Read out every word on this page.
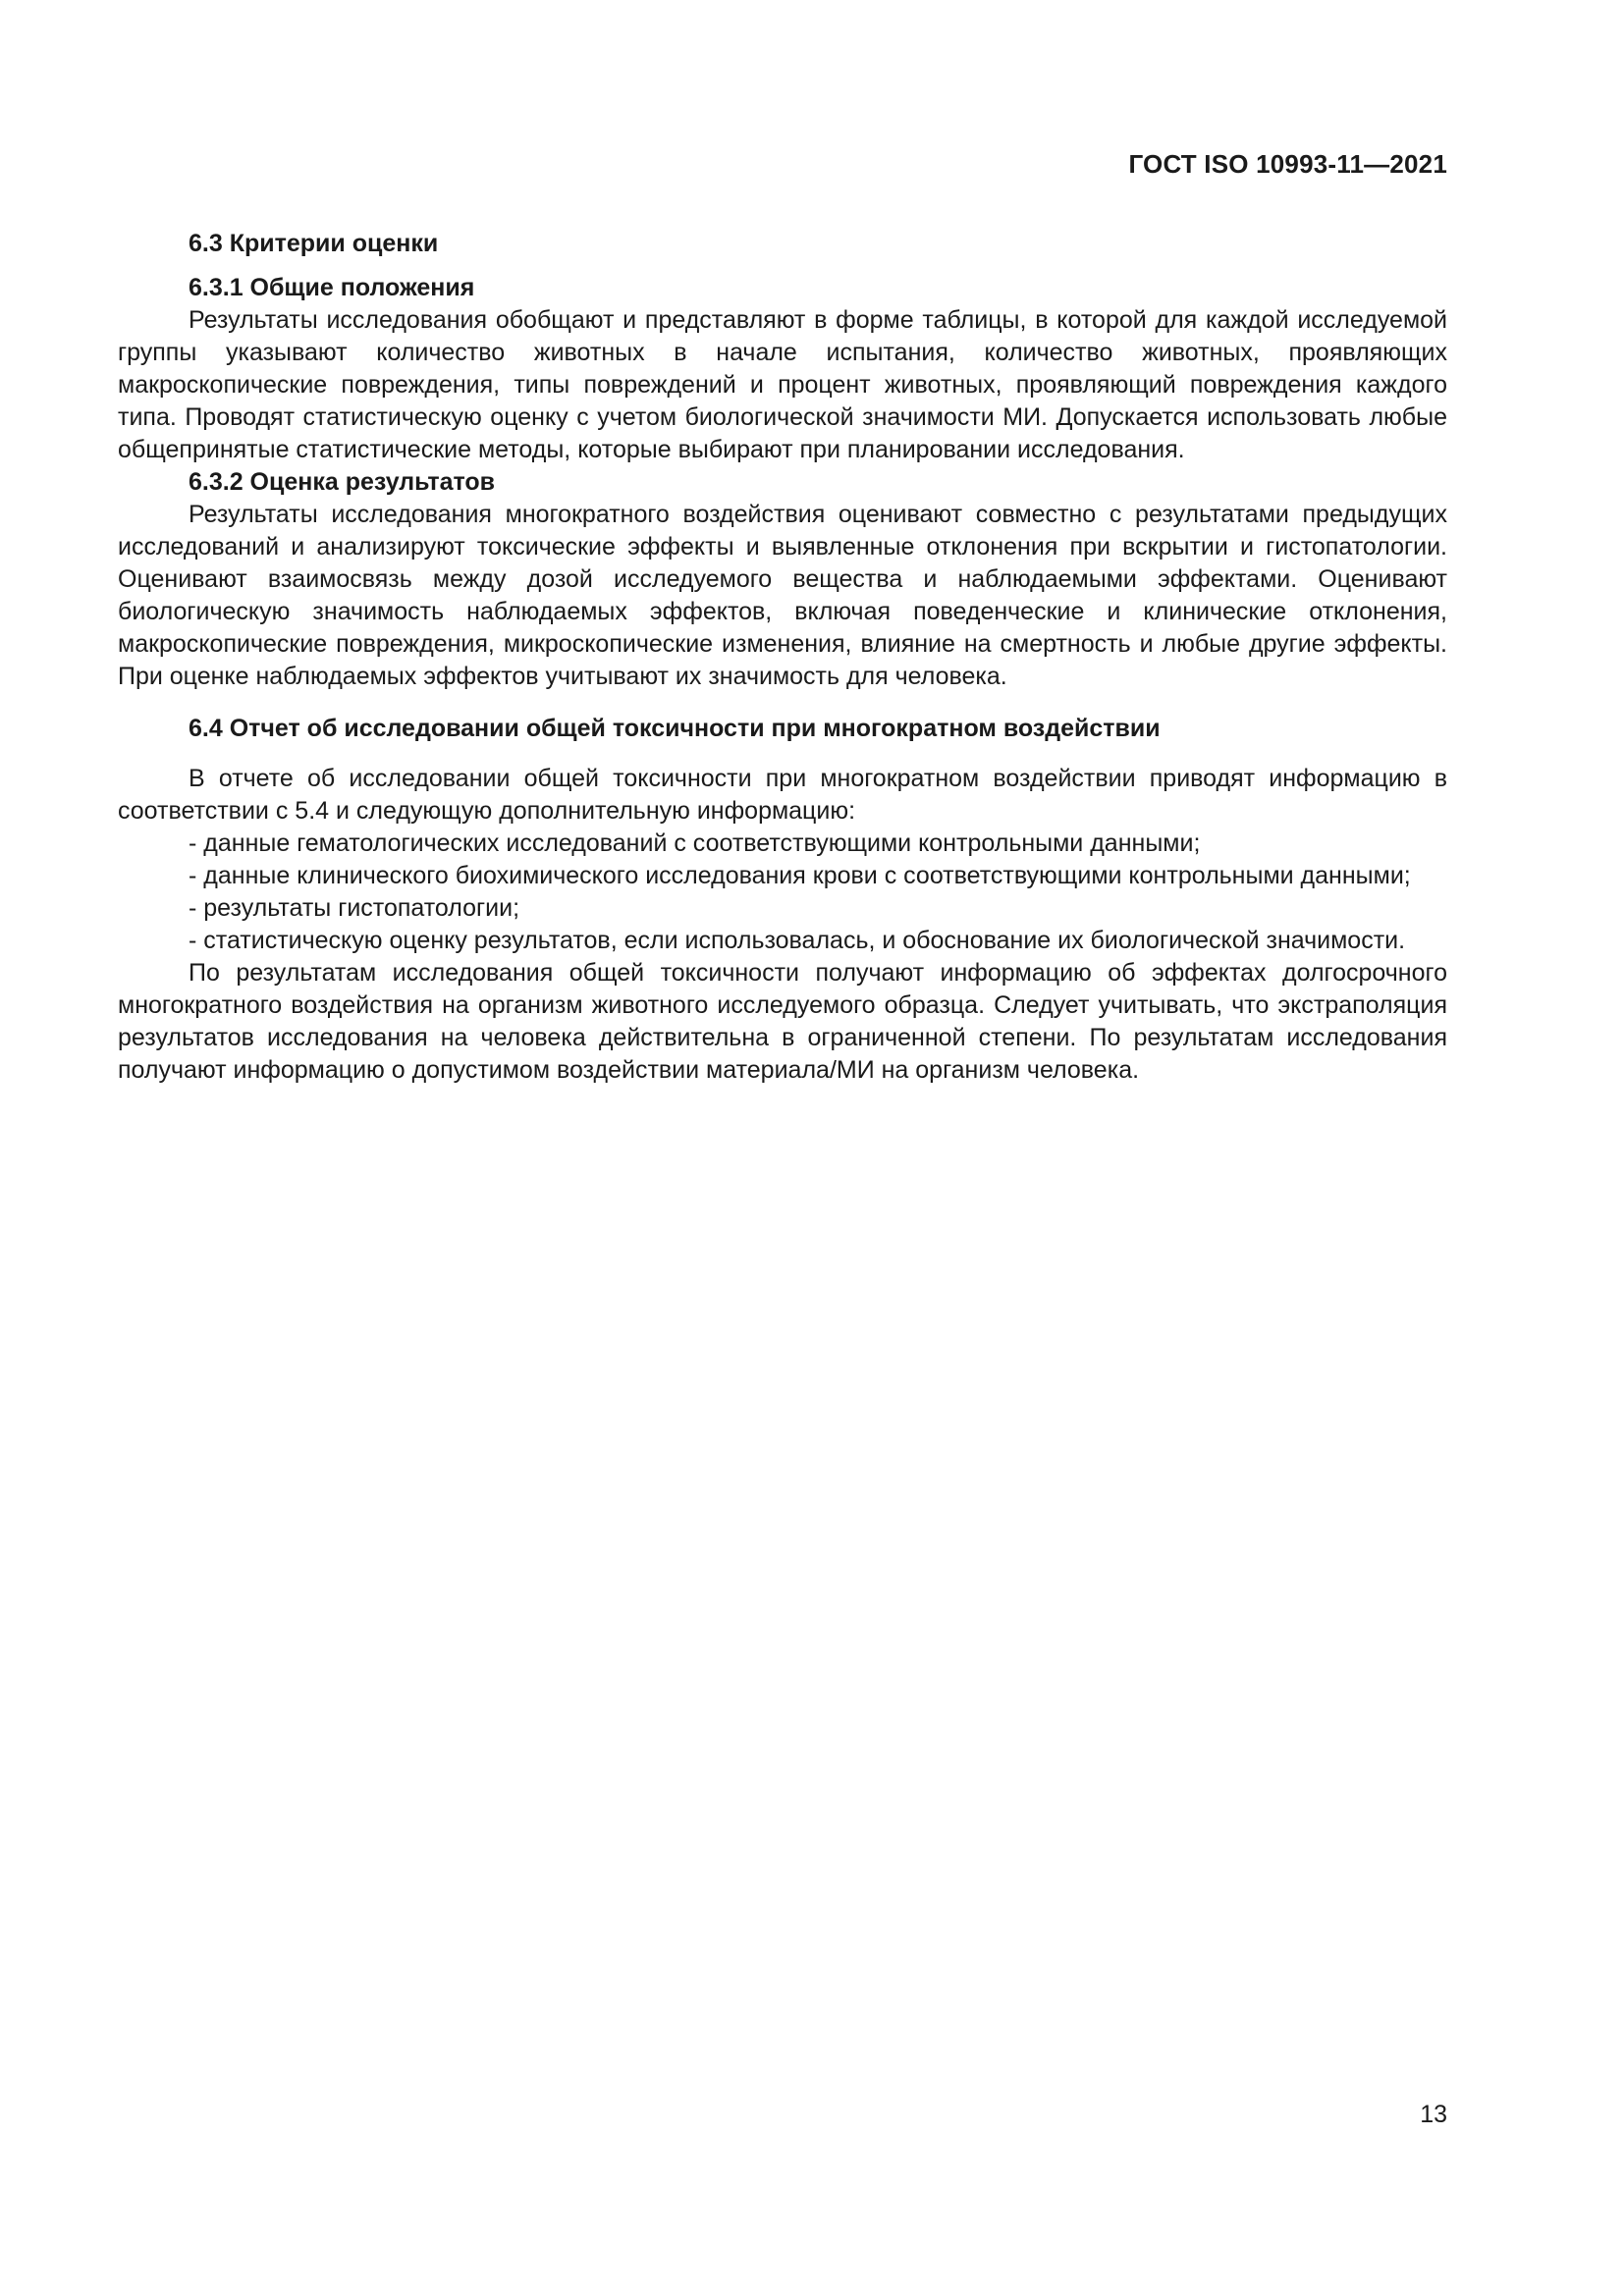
ГОСТ ISO 10993-11—2021
6.3 Критерии оценки
6.3.1 Общие положения

Результаты исследования обобщают и представляют в форме таблицы, в которой для каждой исследуемой группы указывают количество животных в начале испытания, количество животных, проявляющих макроскопические повреждения, типы повреждений и процент животных, проявляющий повреждения каждого типа. Проводят статистическую оценку с учетом биологической значимости МИ. Допускается использовать любые общепринятые статистические методы, которые выбирают при планировании исследования.

6.3.2 Оценка результатов

Результаты исследования многократного воздействия оценивают совместно с результатами предыдущих исследований и анализируют токсические эффекты и выявленные отклонения при вскрытии и гистопатологии. Оценивают взаимосвязь между дозой исследуемого вещества и наблюдаемыми эффектами. Оценивают биологическую значимость наблюдаемых эффектов, включая поведенческие и клинические отклонения, макроскопические повреждения, микроскопические изменения, влияние на смертность и любые другие эффекты. При оценке наблюдаемых эффектов учитывают их значимость для человека.

6.4 Отчет об исследовании общей токсичности при многократном воздействии

В отчете об исследовании общей токсичности при многократном воздействии приводят информацию в соответствии с 5.4 и следующую дополнительную информацию:

- данные гематологических исследований с соответствующими контрольными данными;

- данные клинического биохимического исследования крови с соответствующими контрольными данными;

- результаты гистопатологии;

- статистическую оценку результатов, если использовалась, и обоснование их биологической значимости.

По результатам исследования общей токсичности получают информацию об эффектах долгосрочного многократного воздействия на организм животного исследуемого образца. Следует учитывать, что экстраполяция результатов исследования на человека действительна в ограниченной степени. По результатам исследования получают информацию о допустимом воздействии материала/МИ на организм человека.

13
